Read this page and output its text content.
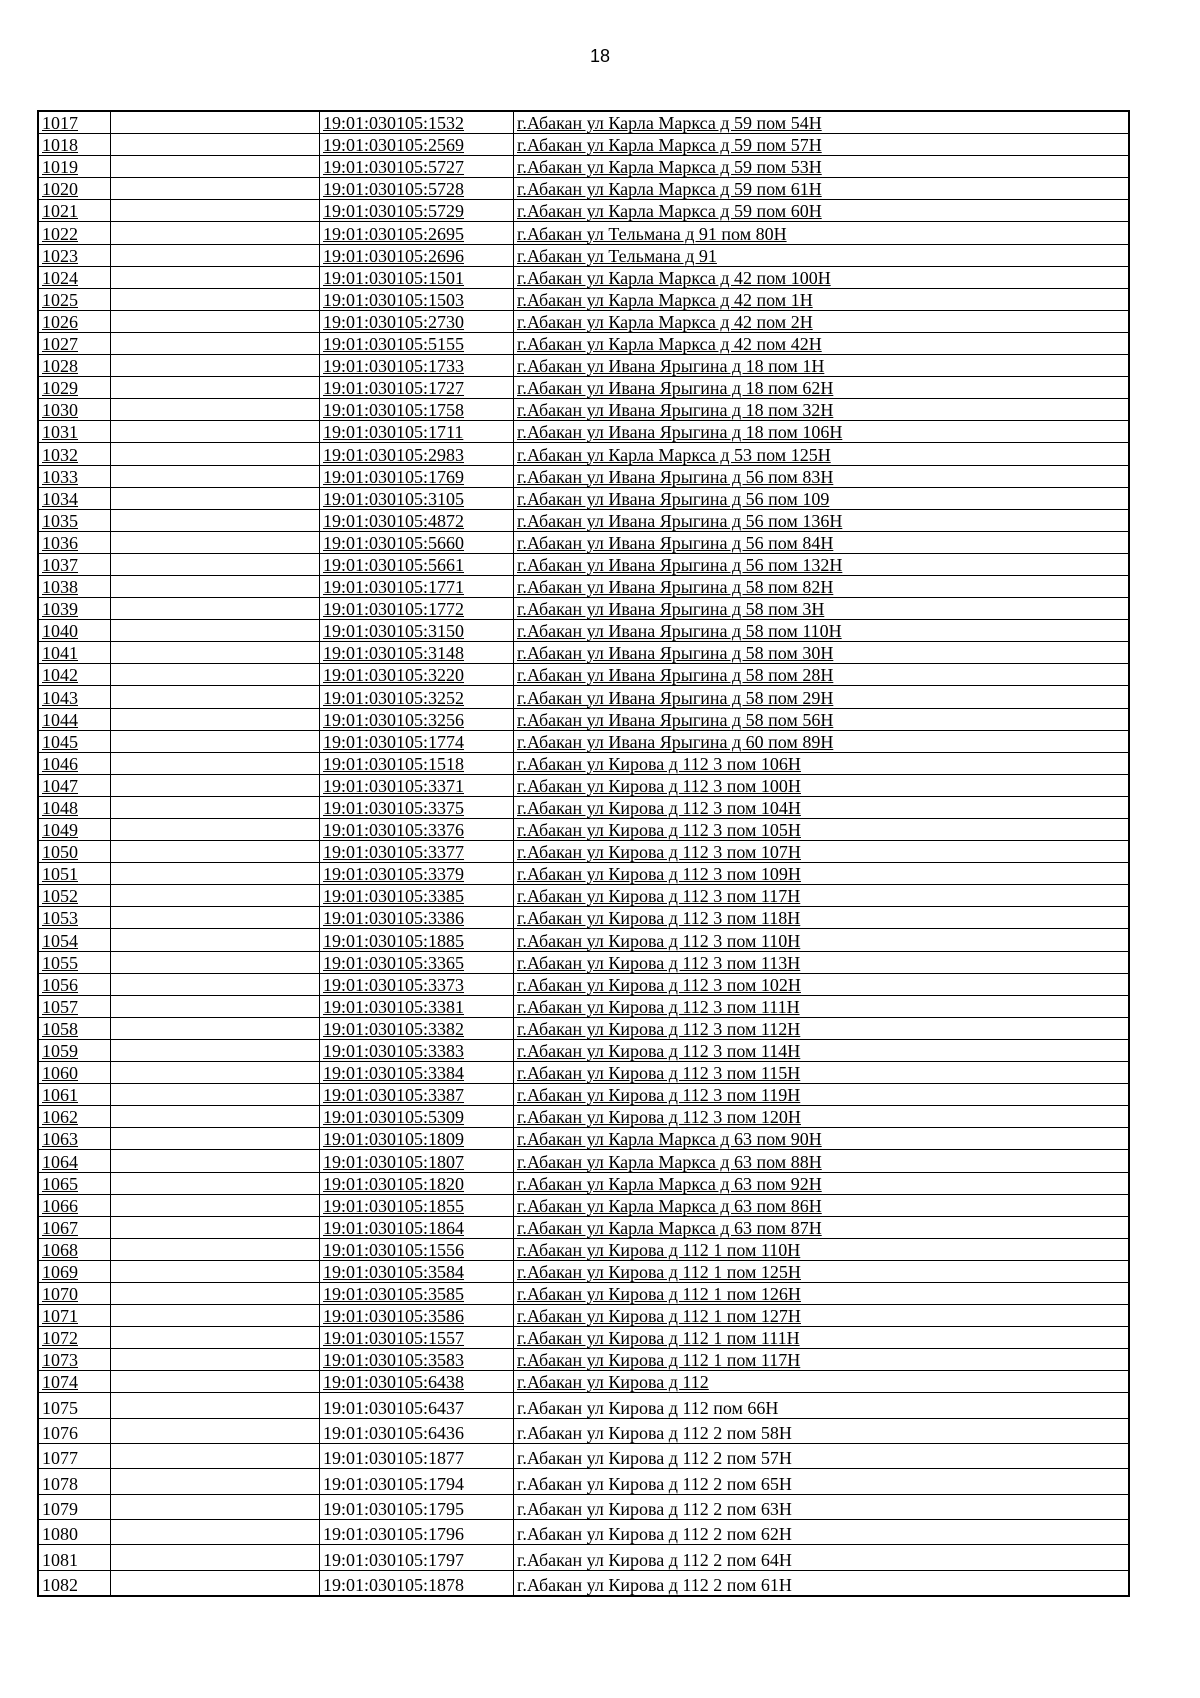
18
1017		19:01:030105:1532	г.Абакан ул Карла Маркса д 59 пом 54Н
1018		19:01:030105:2569	г.Абакан ул Карла Маркса д 59 пом 57Н
1019		19:01:030105:5727	г.Абакан ул Карла Маркса д 59 пом 53Н
1020		19:01:030105:5728	г.Абакан ул Карла Маркса д 59 пом 61Н
1021		19:01:030105:5729	г.Абакан ул Карла Маркса д 59 пом 60Н
1022		19:01:030105:2695	г.Абакан ул Тельмана д 91 пом 80Н
1023		19:01:030105:2696	г.Абакан ул Тельмана д 91
1024		19:01:030105:1501	г.Абакан ул Карла Маркса д 42 пом 100Н
1025		19:01:030105:1503	г.Абакан ул Карла Маркса д 42 пом 1Н
1026		19:01:030105:2730	г.Абакан ул Карла Маркса д 42 пом 2Н
1027		19:01:030105:5155	г.Абакан ул Карла Маркса д 42 пом 42Н
1028		19:01:030105:1733	г.Абакан ул Ивана Ярыгина д 18 пом 1Н
1029		19:01:030105:1727	г.Абакан ул Ивана Ярыгина д 18 пом 62Н
1030		19:01:030105:1758	г.Абакан ул Ивана Ярыгина д 18 пом 32Н
1031		19:01:030105:1711	г.Абакан ул Ивана Ярыгина д 18 пом 106Н
1032		19:01:030105:2983	г.Абакан ул Карла Маркса д 53 пом 125Н
1033		19:01:030105:1769	г.Абакан ул Ивана Ярыгина д 56 пом 83Н
1034		19:01:030105:3105	г.Абакан ул Ивана Ярыгина д 56 пом 109
1035		19:01:030105:4872	г.Абакан ул Ивана Ярыгина д 56 пом 136Н
1036		19:01:030105:5660	г.Абакан ул Ивана Ярыгина д 56 пом 84Н
1037		19:01:030105:5661	г.Абакан ул Ивана Ярыгина д 56 пом 132Н
1038		19:01:030105:1771	г.Абакан ул Ивана Ярыгина д 58 пом 82Н
1039		19:01:030105:1772	г.Абакан ул Ивана Ярыгина д 58 пом 3Н
1040		19:01:030105:3150	г.Абакан ул Ивана Ярыгина д 58 пом 110Н
1041		19:01:030105:3148	г.Абакан ул Ивана Ярыгина д 58 пом 30Н
1042		19:01:030105:3220	г.Абакан ул Ивана Ярыгина д 58 пом 28Н
1043		19:01:030105:3252	г.Абакан ул Ивана Ярыгина д 58 пом 29Н
1044		19:01:030105:3256	г.Абакан ул Ивана Ярыгина д 58 пом 56Н
1045		19:01:030105:1774	г.Абакан ул Ивана Ярыгина д 60 пом 89Н
1046		19:01:030105:1518	г.Абакан ул Кирова д 112 3 пом 106Н
1047		19:01:030105:3371	г.Абакан ул Кирова д 112 3 пом 100Н
1048		19:01:030105:3375	г.Абакан ул Кирова д 112 3 пом 104Н
1049		19:01:030105:3376	г.Абакан ул Кирова д 112 3 пом 105Н
1050		19:01:030105:3377	г.Абакан ул Кирова д 112 3 пом 107Н
1051		19:01:030105:3379	г.Абакан ул Кирова д 112 3 пом 109Н
1052		19:01:030105:3385	г.Абакан ул Кирова д 112 3 пом 117Н
1053		19:01:030105:3386	г.Абакан ул Кирова д 112 3 пом 118Н
1054		19:01:030105:1885	г.Абакан ул Кирова д 112 3 пом 110Н
1055		19:01:030105:3365	г.Абакан ул Кирова д 112 3 пом 113Н
1056		19:01:030105:3373	г.Абакан ул Кирова д 112 3 пом 102Н
1057		19:01:030105:3381	г.Абакан ул Кирова д 112 3 пом 111Н
1058		19:01:030105:3382	г.Абакан ул Кирова д 112 3 пом 112Н
1059		19:01:030105:3383	г.Абакан ул Кирова д 112 3 пом 114Н
1060		19:01:030105:3384	г.Абакан ул Кирова д 112 3 пом 115Н
1061		19:01:030105:3387	г.Абакан ул Кирова д 112 3 пом 119Н
1062		19:01:030105:5309	г.Абакан ул Кирова д 112 3 пом 120Н
1063		19:01:030105:1809	г.Абакан ул Карла Маркса д 63 пом 90Н
1064		19:01:030105:1807	г.Абакан ул Карла Маркса д 63 пом 88Н
1065		19:01:030105:1820	г.Абакан ул Карла Маркса д 63 пом 92Н
1066		19:01:030105:1855	г.Абакан ул Карла Маркса д 63 пом 86Н
1067		19:01:030105:1864	г.Абакан ул Карла Маркса д 63 пом 87Н
1068		19:01:030105:1556	г.Абакан ул Кирова д 112 1 пом 110Н
1069		19:01:030105:3584	г.Абакан ул Кирова д 112 1 пом 125Н
1070		19:01:030105:3585	г.Абакан ул Кирова д 112 1 пом 126Н
1071		19:01:030105:3586	г.Абакан ул Кирова д 112 1 пом 127Н
1072		19:01:030105:1557	г.Абакан ул Кирова д 112 1 пом 111Н
1073		19:01:030105:3583	г.Абакан ул Кирова д 112 1 пом 117Н
1074		19:01:030105:6438	г.Абакан ул Кирова д 112
1075		19:01:030105:6437	г.Абакан ул Кирова д 112 пом 66Н
1076		19:01:030105:6436	г.Абакан ул Кирова д 112 2 пом 58Н
1077		19:01:030105:1877	г.Абакан ул Кирова д 112 2 пом 57Н
1078		19:01:030105:1794	г.Абакан ул Кирова д 112 2 пом 65Н
1079		19:01:030105:1795	г.Абакан ул Кирова д 112 2 пом 63Н
1080		19:01:030105:1796	г.Абакан ул Кирова д 112 2 пом 62Н
1081		19:01:030105:1797	г.Абакан ул Кирова д 112 2 пом 64Н
1082		19:01:030105:1878	г.Абакан ул Кирова д 112 2 пом 61Н
